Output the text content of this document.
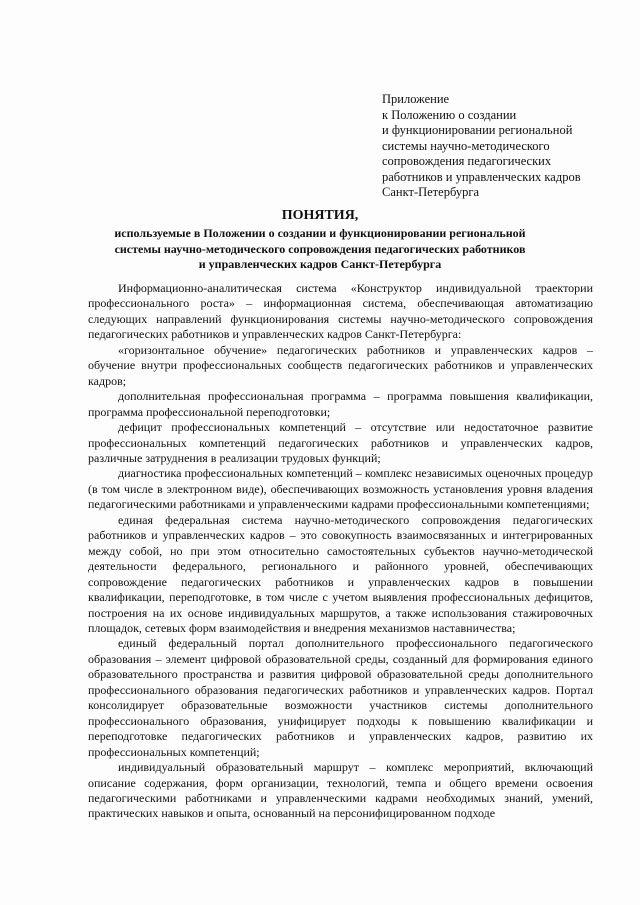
Приложение
к Положению о создании
и функционировании региональной
системы научно-методического
сопровождения педагогических
работников и управленческих кадров
Санкт-Петербурга
ПОНЯТИЯ,
используемые в Положении о создании и функционировании региональной
системы научно-методического сопровождения педагогических работников
и управленческих кадров Санкт-Петербурга

Информационно-аналитическая система «Конструктор индивидуальной траектории профессионального роста» – информационная система, обеспечивающая автоматизацию следующих направлений функционирования системы научно-методического сопровождения педагогических работников и управленческих кадров Санкт-Петербурга:

«горизонтальное обучение» педагогических работников и управленческих кадров – обучение внутри профессиональных сообществ педагогических работников и управленческих кадров;

дополнительная профессиональная программа – программа повышения квалификации, программа профессиональной переподготовки;

дефицит профессиональных компетенций – отсутствие или недостаточное развитие профессиональных компетенций педагогических работников и управленческих кадров, различные затруднения в реализации трудовых функций;

диагностика профессиональных компетенций – комплекс независимых оценочных процедур (в том числе в электронном виде), обеспечивающих возможность установления уровня владения педагогическими работниками и управленческими кадрами профессиональными компетенциями;

единая федеральная система научно-методического сопровождения педагогических работников и управленческих кадров – это совокупность взаимосвязанных и интегрированных между собой, но при этом относительно самостоятельных субъектов научно-методической деятельности федерального, регионального и районного уровней, обеспечивающих сопровождение педагогических работников и управленческих кадров в повышении квалификации, переподготовке, в том числе с учетом выявления профессиональных дефицитов, построения на их основе индивидуальных маршрутов, а также использования стажировочных площадок, сетевых форм взаимодействия и внедрения механизмов наставничества;

единый федеральный портал дополнительного профессионального педагогического образования – элемент цифровой образовательной среды, созданный для формирования единого образовательного пространства и развития цифровой образовательной среды дополнительного профессионального образования педагогических работников и управленческих кадров. Портал консолидирует образовательные возможности участников системы дополнительного профессионального образования, унифицирует подходы к повышению квалификации и переподготовке педагогических работников и управленческих кадров, развитию их профессиональных компетенций;

индивидуальный образовательный маршрут – комплекс мероприятий, включающий описание содержания, форм организации, технологий, темпа и общего времени освоения педагогическими работниками и управленческими кадрами необходимых знаний, умений, практических навыков и опыта, основанный на персонифицированном подходе
